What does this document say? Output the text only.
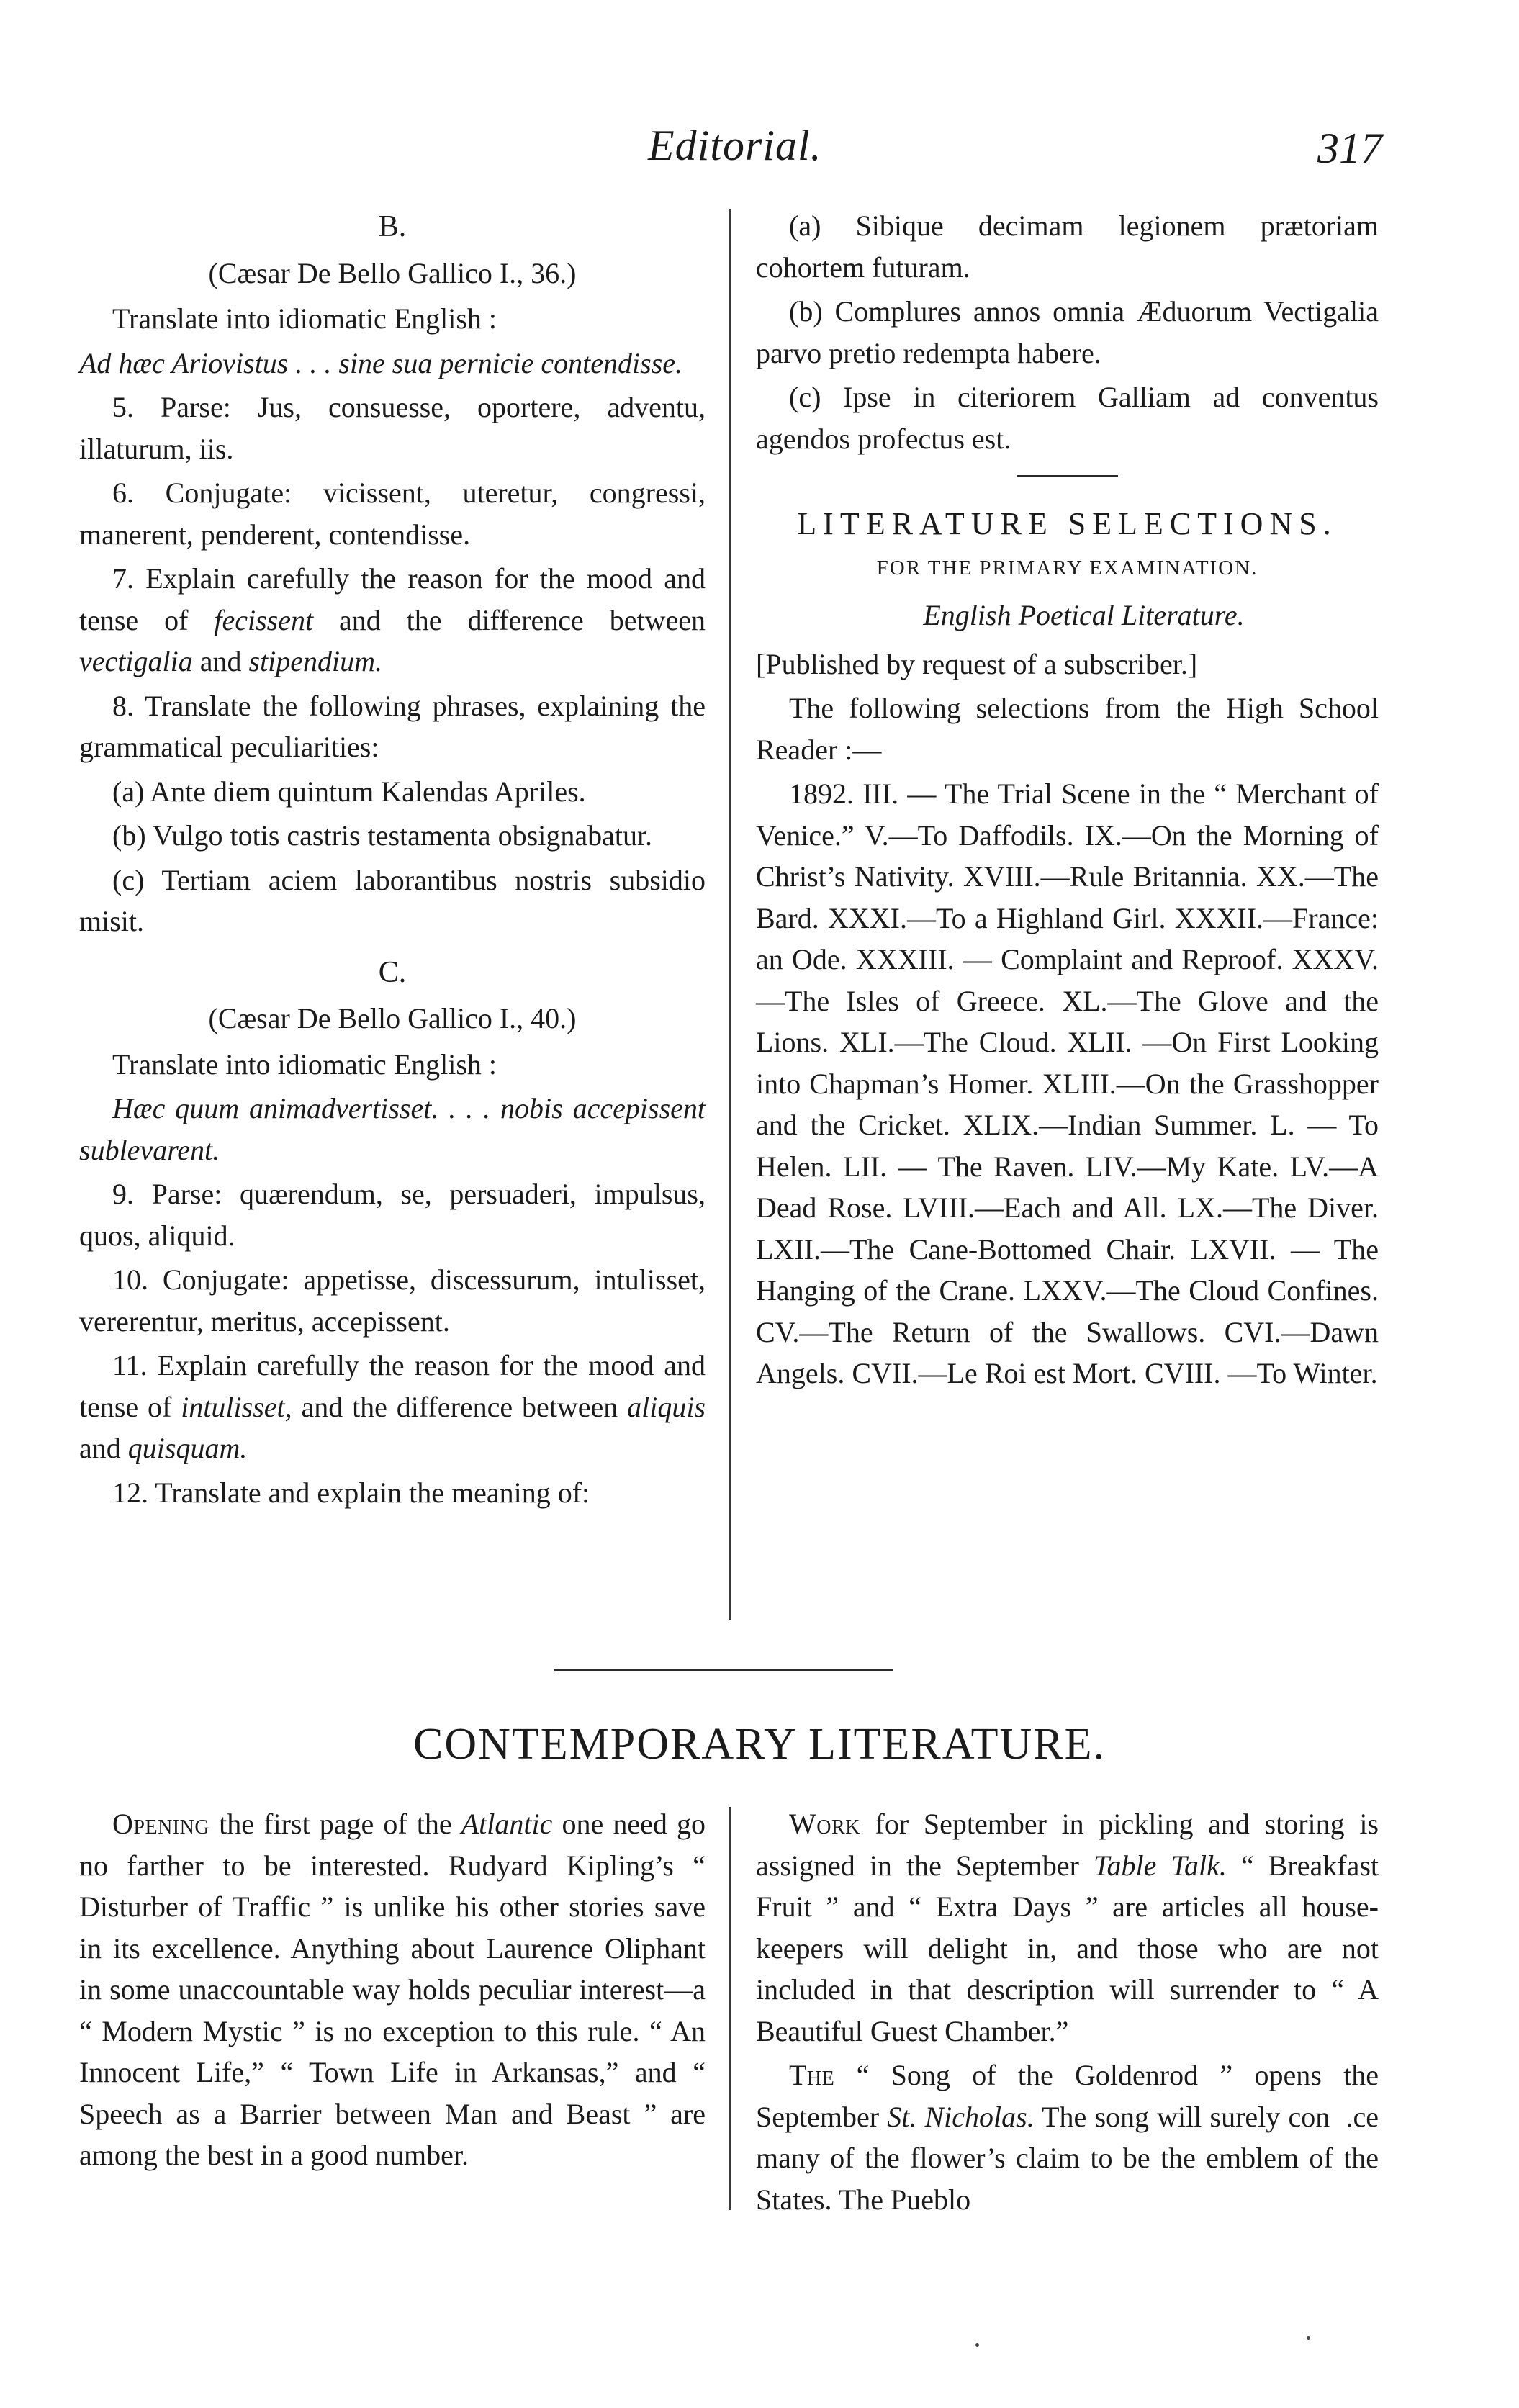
Editorial.	317
B.

(Cæsar De Bello Gallico I., 36.)

Translate into idiomatic English :

Ad hæc Ariovistus . . . sine sua pernicie contendisse.

5. Parse: Jus, consuesse, oportere, adventu, illaturum, iis.

6. Conjugate: vicissent, uteretur, congressi, manerent, penderent, contendisse.

7. Explain carefully the reason for the mood and tense of fecissent and the difference between vectigalia and stipendium.

8. Translate the following phrases, explaining the grammatical peculiarities:

(a) Ante diem quintum Kalendas Apriles.

(b) Vulgo totis castris testamenta obsignabatur.

(c) Tertiam aciem laborantibus nostris subsidio misit.

C.

(Cæsar De Bello Gallico I., 40.)

Translate into idiomatic English :

Hæc quum animadvertisset. . . . nobis accepissent sublevarent.

9. Parse: quærendum, se, persuaderi, impulsus, quos, aliquid.

10. Conjugate: appetisse, discessurum, intulisset, vererentur, meritus, accepissent.

11. Explain carefully the reason for the mood and tense of intulisset, and the difference between aliquis and quisquam.

12. Translate and explain the meaning of:

(a) Sibique decimam legionem prætoriam cohortem futuram.

(b) Complures annos omnia Æduorum Vectigalia parvo pretio redempta habere.

(c) Ipse in citeriorem Galliam ad conventus agendos profectus est.

LITERATURE SELECTIONS.
FOR THE PRIMARY EXAMINATION.

English Poetical Literature.

[Published by request of a subscriber.]

The following selections from the High School Reader :—

1892. III. — The Trial Scene in the “ Merchant of Venice.” V.—To Daffodils. IX.—On the Morning of Christ’s Nativity. XVIII.—Rule Britannia. XX.—The Bard. XXXI.—To a Highland Girl. XXXII.—France: an Ode. XXXIII. — Complaint and Reproof. XXXV.—The Isles of Greece. XL.—The Glove and the Lions. XLI.—The Cloud. XLII. —On First Looking into Chapman’s Homer. XLIII.—On the Grasshopper and the Cricket. XLIX.—Indian Summer. L. — To Helen. LII. — The Raven. LIV.—My Kate. LV.—A Dead Rose. LVIII.—Each and All. LX.—The Diver. LXII.—The Cane-Bottomed Chair. LXVII. — The Hanging of the Crane. LXXV.—The Cloud Confines. CV.—The Return of the Swallows. CVI.—Dawn Angels. CVII.—Le Roi est Mort. CVIII. —To Winter.

CONTEMPORARY LITERATURE.

Opening the first page of the Atlantic one need go no farther to be interested. Rudyard Kipling’s “ Disturber of Traffic ” is unlike his other stories save in its excellence. Anything about Laurence Oliphant in some unaccountable way holds peculiar interest—a “ Modern Mystic ” is no exception to this rule. “ An Innocent Life,” “ Town Life in Arkansas,” and “ Speech as a Barrier between Man and Beast ” are among the best in a good number.

Work for September in pickling and storing is assigned in the September Table Talk. “ Breakfast Fruit ” and “ Extra Days ” are articles all house-keepers will delight in, and those who are not included in that description will surrender to “ A Beautiful Guest Chamber.”

The “ Song of the Goldenrod ” opens the September St. Nicholas. The song will surely con  .ce many of the flower’s claim to be the emblem of the States. The Pueblo
